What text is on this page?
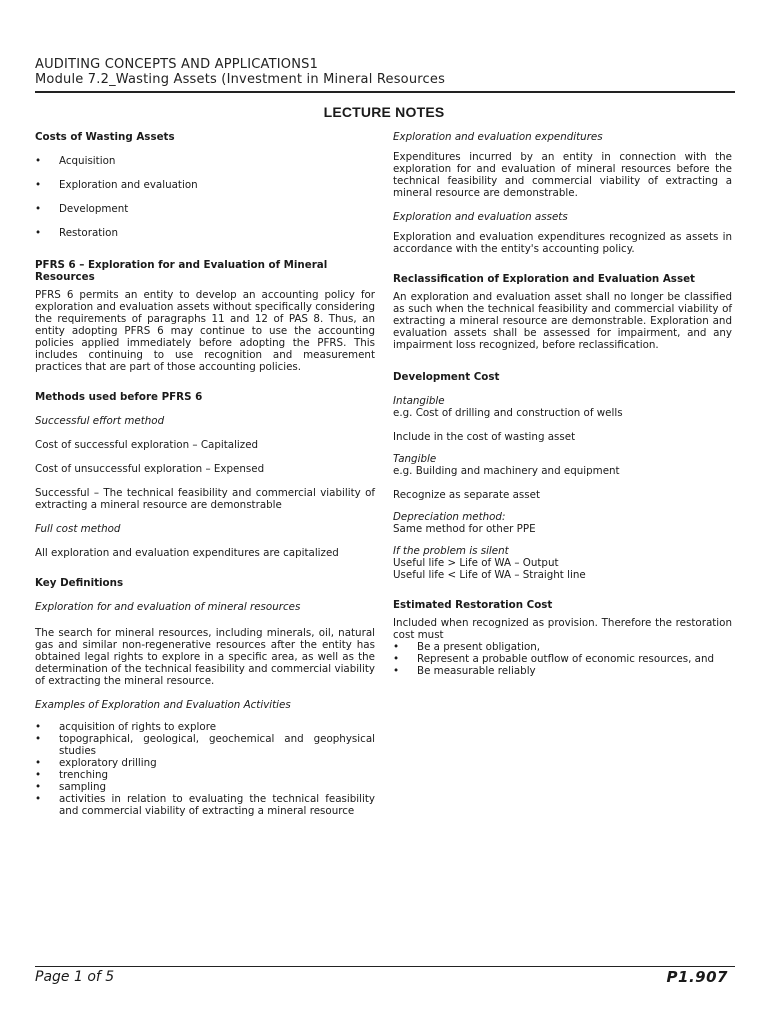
AUDITING CONCEPTS AND APPLICATIONS1
Module 7.2_Wasting Assets (Investment in Mineral Resources
LECTURE NOTES
Costs of Wasting Assets
• Acquisition
• Exploration and evaluation
• Development
• Restoration
PFRS 6 – Exploration for and Evaluation of Mineral Resources
PFRS 6 permits an entity to develop an accounting policy for exploration and evaluation assets without specifically considering the requirements of paragraphs 11 and 12 of PAS 8. Thus, an entity adopting PFRS 6 may continue to use the accounting policies applied immediately before adopting the PFRS. This includes continuing to use recognition and measurement practices that are part of those accounting policies.
Methods used before PFRS 6
Successful effort method
Cost of successful exploration – Capitalized
Cost of unsuccessful exploration – Expensed
Successful – The technical feasibility and commercial viability of extracting a mineral resource are demonstrable
Full cost method
All exploration and evaluation expenditures are capitalized
Key Definitions
Exploration for and evaluation of mineral resources
The search for mineral resources, including minerals, oil, natural gas and similar non-regenerative resources after the entity has obtained legal rights to explore in a specific area, as well as the determination of the technical feasibility and commercial viability of extracting the mineral resource.
Examples of Exploration and Evaluation Activities
• acquisition of rights to explore
• topographical, geological, geochemical and geophysical studies
• exploratory drilling
• trenching
• sampling
• activities in relation to evaluating the technical feasibility and commercial viability of extracting a mineral resource
Exploration and evaluation expenditures
Expenditures incurred by an entity in connection with the exploration for and evaluation of mineral resources before the technical feasibility and commercial viability of extracting a mineral resource are demonstrable.
Exploration and evaluation assets
Exploration and evaluation expenditures recognized as assets in accordance with the entity's accounting policy.
Reclassification of Exploration and Evaluation Asset
An exploration and evaluation asset shall no longer be classified as such when the technical feasibility and commercial viability of extracting a mineral resource are demonstrable. Exploration and evaluation assets shall be assessed for impairment, and any impairment loss recognized, before reclassification.
Development Cost
Intangible
e.g. Cost of drilling and construction of wells
Include in the cost of wasting asset
Tangible
e.g. Building and machinery and equipment
Recognize as separate asset
Depreciation method:
Same method for other PPE
If the problem is silent
Useful life > Life of WA – Output
Useful life < Life of WA – Straight line
Estimated Restoration Cost
Included when recognized as provision. Therefore the restoration cost must
• Be a present obligation,
• Represent a probable outflow of economic resources, and
• Be measurable reliably
Page 1 of 5	P1.907
